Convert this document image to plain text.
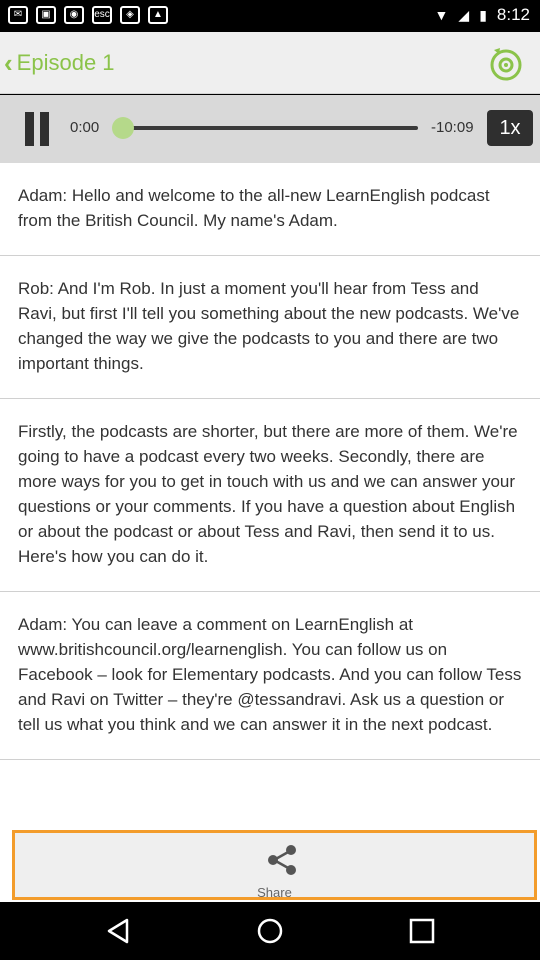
✉	▣	◉	esc	◈	▲	▼ ◢ ▮ 8:12
‹ Episode 1
0:00	-10:09	1x
Adam: Hello and welcome to the all-new LearnEnglish podcast from the British Council. My name's Adam.
Rob: And I'm Rob. In just a moment you'll hear from Tess and Ravi, but first I'll tell you something about the new podcasts. We've changed the way we give the podcasts to you and there are two important things.
Firstly, the podcasts are shorter, but there are more of them. We're going to have a podcast every two weeks. Secondly, there are more ways for you to get in touch with us and we can answer your questions or your comments. If you have a question about English or about the podcast or about Tess and Ravi, then send it to us. Here's how you can do it.
Adam: You can leave a comment on LearnEnglish at www.britishcouncil.org/learnenglish. You can follow us on Facebook – look for Elementary podcasts. And you can follow Tess and Ravi on Twitter – they're @tessandravi. Ask us a question or tell us what you think and we can answer it in the next podcast.
Share
